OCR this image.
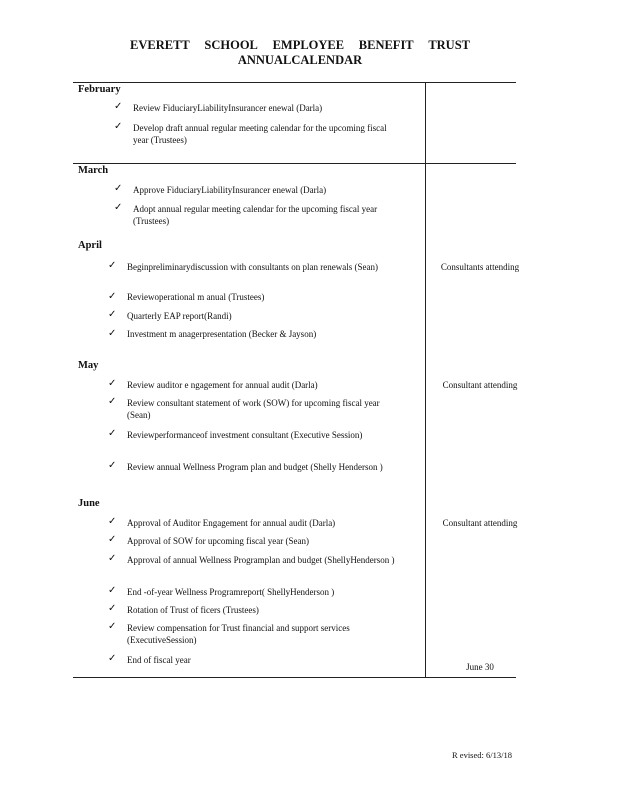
EVERETT SCHOOL EMPLOYEE BENEFIT TRUST
ANNUALCALENDAR
February
✓ Review FiduciaryLiabilityInsurancer enewal (Darla)
✓ Develop draft annual regular meeting calendar for the upcoming fiscal year (Trustees)
March
✓ Approve FiduciaryLiabilityInsurancer enewal (Darla)
✓ Adopt annual regular meeting calendar for the upcoming fiscal year (Trustees)
April
✓ Beginpreliminarydiscussion with consultants on plan renewals (Sean)
✓ Reviewoperational m anual (Trustees)
✓ Quarterly EAP report(Randi)
✓ Investment m anagerpresentation (Becker & Jayson)
Consultants attending
May
✓ Review auditor e ngagement for annual audit (Darla)
✓ Review consultant statement of work (SOW) for upcoming fiscal year (Sean)
✓ Reviewperformanceof investment consultant (Executive Session)
✓ Review annual Wellness Program plan and budget (Shelly Henderson )
Consultant attending
June
✓ Approval of Auditor Engagement for annual audit (Darla)
✓ Approval of SOW for upcoming fiscal year (Sean)
✓ Approval of annual Wellness Programplan and budget (ShellyHenderson )
✓ End -of-year Wellness Programreport( ShellyHenderson )
✓ Rotation of Trust of ficers (Trustees)
✓ Review compensation for Trust financial and support services (ExecutiveSession)
✓ End of fiscal year
Consultant attending
June 30
R evised: 6/13/18
